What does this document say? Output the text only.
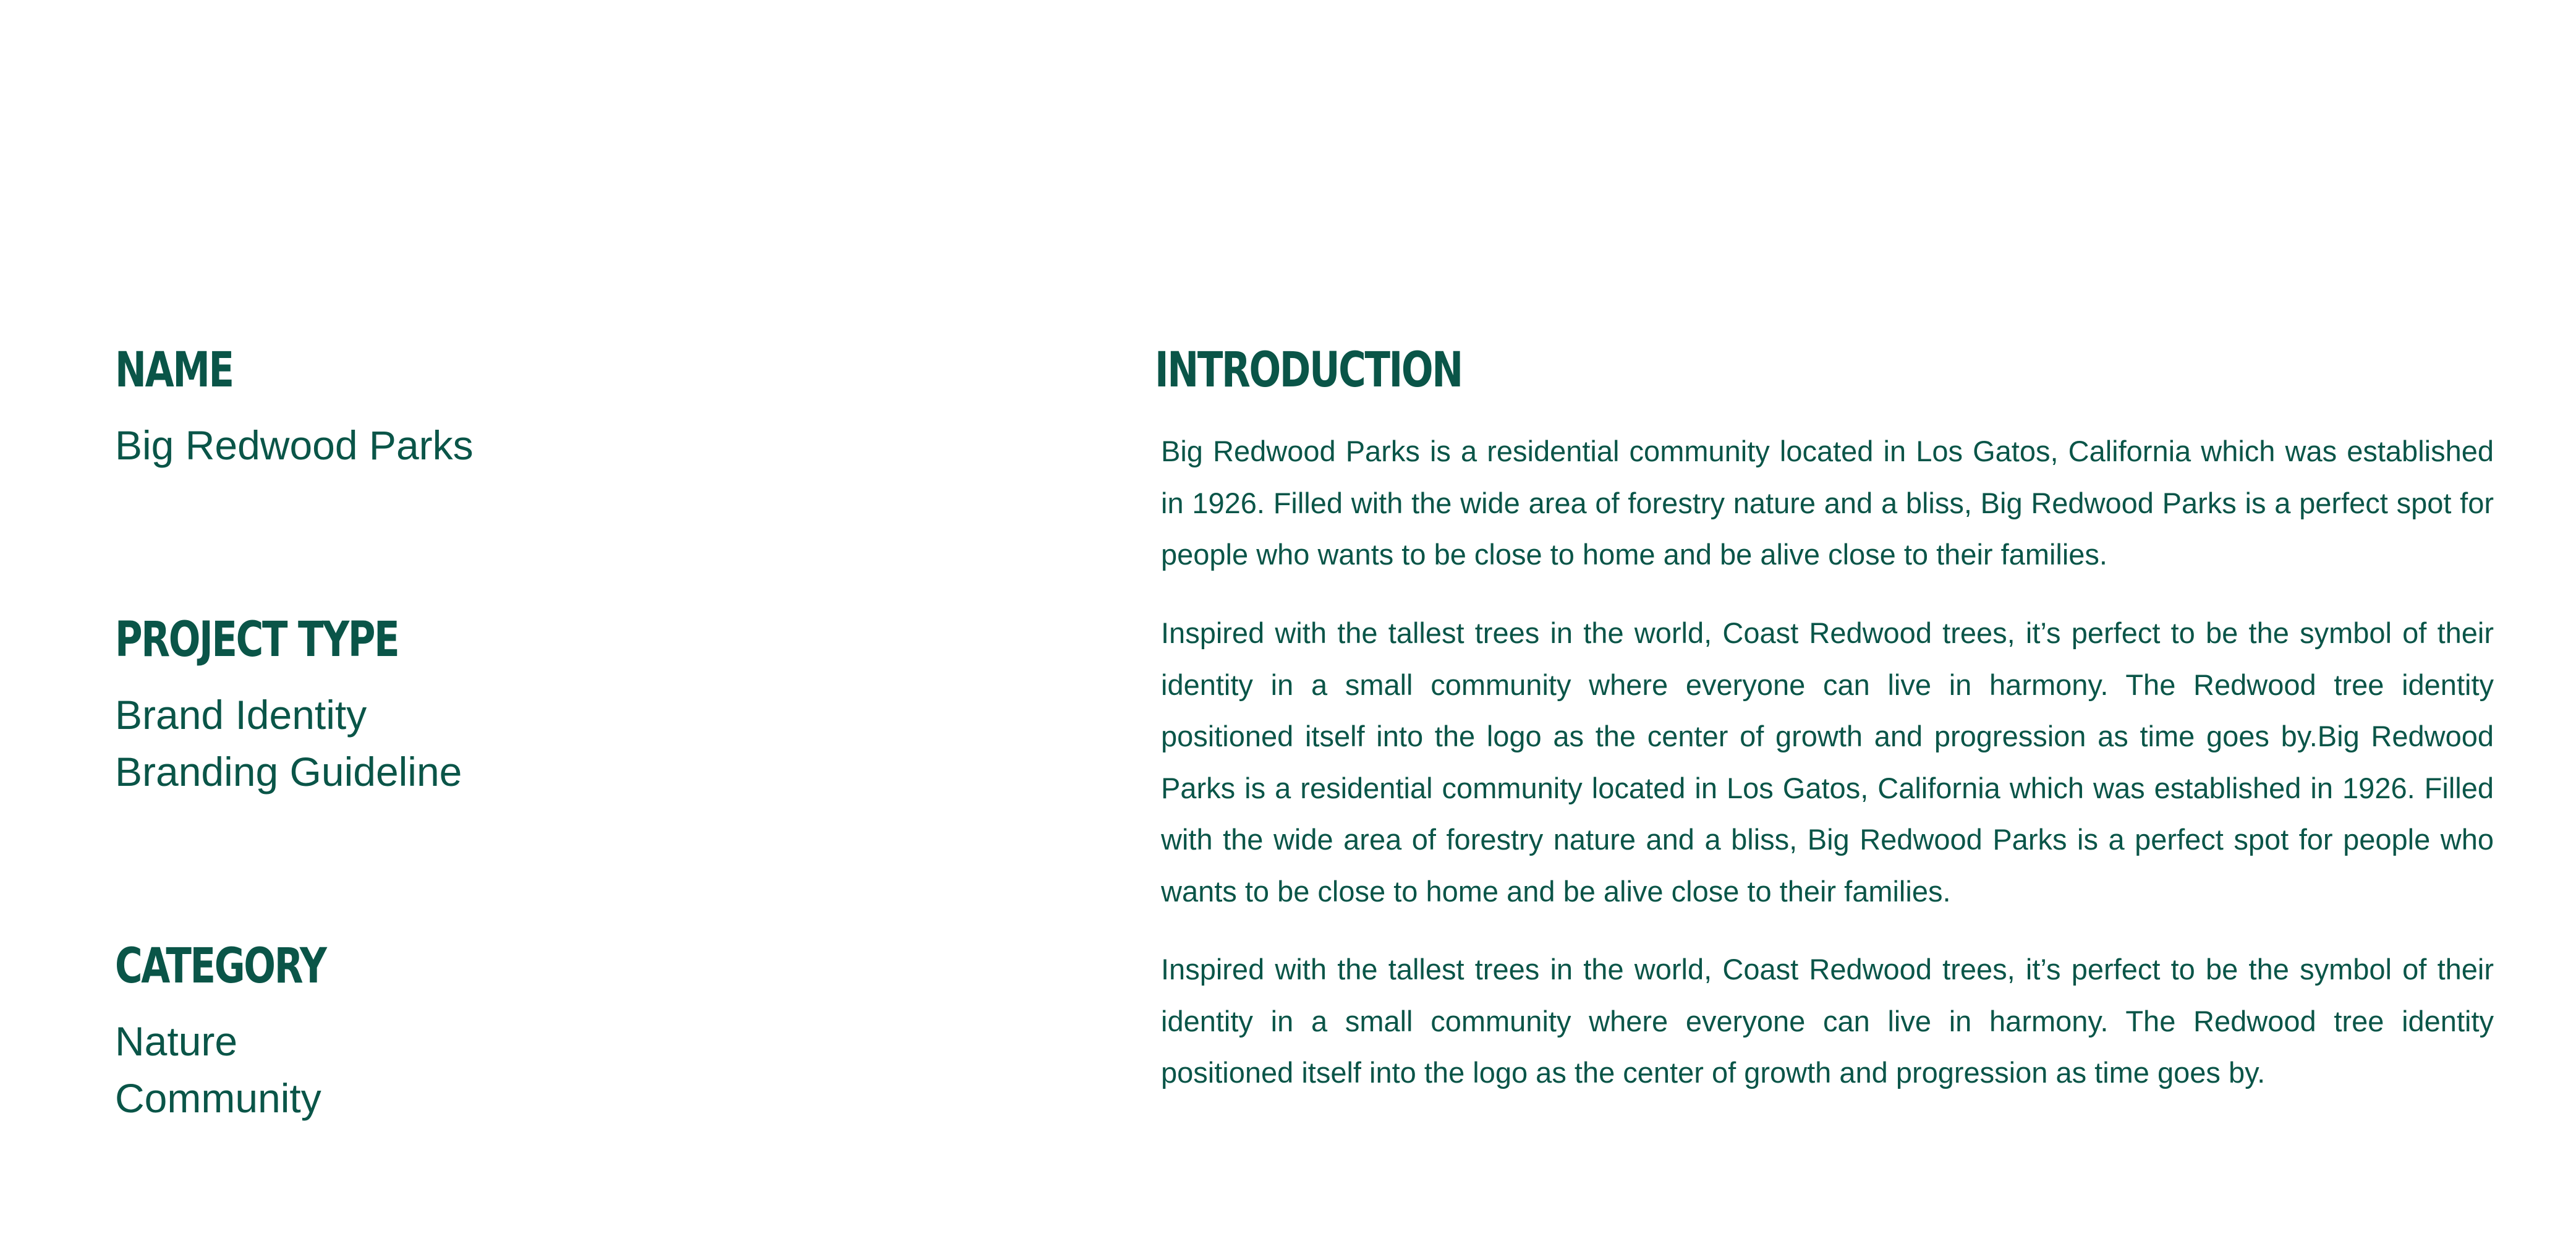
NAME

Big Redwood Parks

PROJECT TYPE

Brand Identity
Branding Guideline

CATEGORY

Nature
Community

INTRODUCTION

Big Redwood Parks is a residential community located in Los Gatos, California which was established in 1926. Filled with the wide area of forestry nature and a bliss, Big Redwood Parks is a perfect spot for people who wants to be close to home and be alive close to their families.

Inspired with the tallest trees in the world, Coast Redwood trees, it’s perfect to be the symbol of their identity in a small community where everyone can live in harmony. The Redwood tree identity positioned itself into the logo as the center of growth and progression as time goes by.Big Redwood Parks is a residential community located in Los Gatos, California which was established in 1926. Filled with the wide area of forestry nature and a bliss, Big Redwood Parks is a perfect spot for people who wants to be close to home and be alive close to their families.

Inspired with the tallest trees in the world, Coast Redwood trees, it’s perfect to be the symbol of their identity in a small community where everyone can live in harmony. The Redwood tree identity positioned itself into the logo as the center of growth and progression as time goes by.
